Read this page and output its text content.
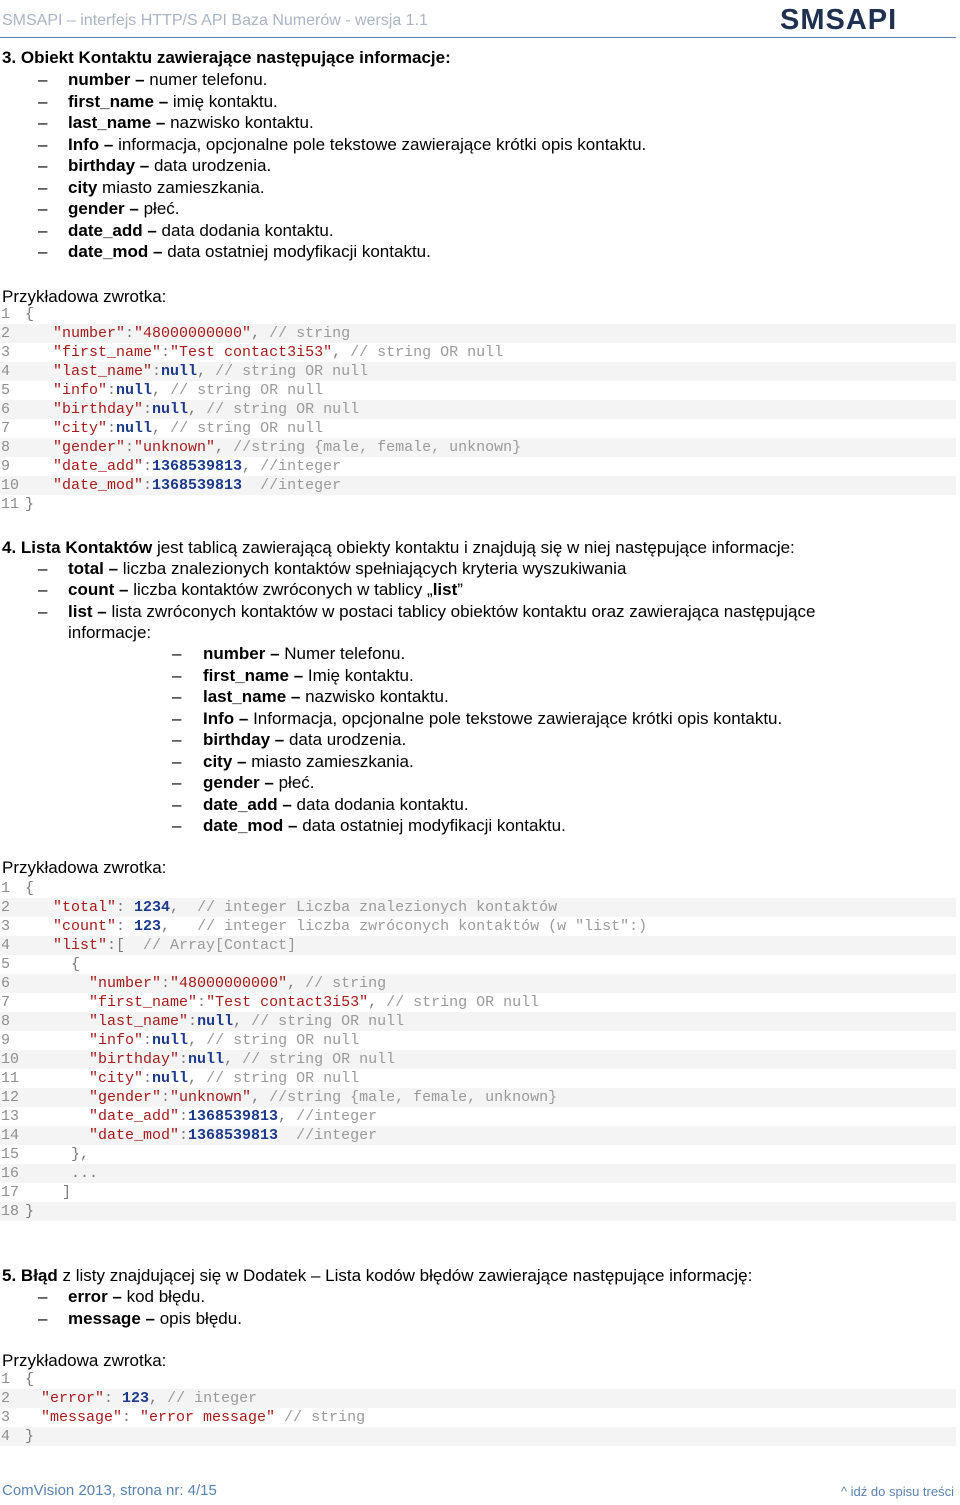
SMSAPI – interfejs HTTP/S API Baza Numerów - wersja 1.1	SMSAPI
3. Obiekt Kontaktu zawierające następujące informacje:
– number – numer telefonu.
– first_name – imię kontaktu.
– last_name – nazwisko kontaktu.
– Info – informacja, opcjonalne pole tekstowe zawierające krótki opis kontaktu.
– birthday – data urodzenia.
– city miasto zamieszkania.
– gender – płeć.
– date_add – data dodania kontaktu.
– date_mod – data ostatniej modyfikacji kontaktu.
Przykładowa zwrotka:
1 {
2	"number":"48000000000", // string
3	"first_name":"Test contact3i53", // string OR null
4	"last_name":null, // string OR null
5	"info":null, // string OR null
6	"birthday":null, // string OR null
7	"city":null, // string OR null
8	"gender":"unknown", //string {male, female, unknown}
9	"date_add":1368539813, //integer
10 "date_mod":1368539813 //integer
11 }
4. Lista Kontaktów jest tablicą zawierającą obiekty kontaktu i znajdują się w niej następujące informacje:
– total – liczba znalezionych kontaktów spełniających kryteria wyszukiwania
– count – liczba kontaktów zwróconych w tablicy „list”
– list – lista zwróconych kontaktów w postaci tablicy obiektów kontaktu oraz zawierająca następujące
informacje:
– number – Numer telefonu.
– first_name – Imię kontaktu.
– last_name – nazwisko kontaktu.
– Info – Informacja, opcjonalne pole tekstowe zawierające krótki opis kontaktu.
– birthday – data urodzenia.
– city – miasto zamieszkania.
– gender – płeć.
– date_add – data dodania kontaktu.
– date_mod – data ostatniej modyfikacji kontaktu.
Przykładowa zwrotka:
1 {
2	"total": 1234,  // integer Liczba znalezionych kontaktów
3	"count": 123,   // integer liczba zwróconych kontaktów (w "list":)
4	"list":[  // Array[Contact]
5	{
6	"number":"48000000000", // string
7	"first_name":"Test contact3i53", // string OR null
8	"last_name":null, // string OR null
9	"info":null, // string OR null
10	"birthday":null, // string OR null
11	"city":null, // string OR null
12	"gender":"unknown", //string {male, female, unknown}
13	"date_add":1368539813, //integer
14	"date_mod":1368539813 //integer
15  },
16  ...
17 ]
18 }
5. Błąd z listy znajdującej się w Dodatek – Lista kodów błędów zawierające następujące informację:
– error – kod błędu.
– message – opis błędu.
Przykładowa zwrotka:
1 {
2 "error": 123, // integer
3 "message": "error message" // string
4 }
ComVision 2013, strona nr: 4/15	^ idź do spisu treści
